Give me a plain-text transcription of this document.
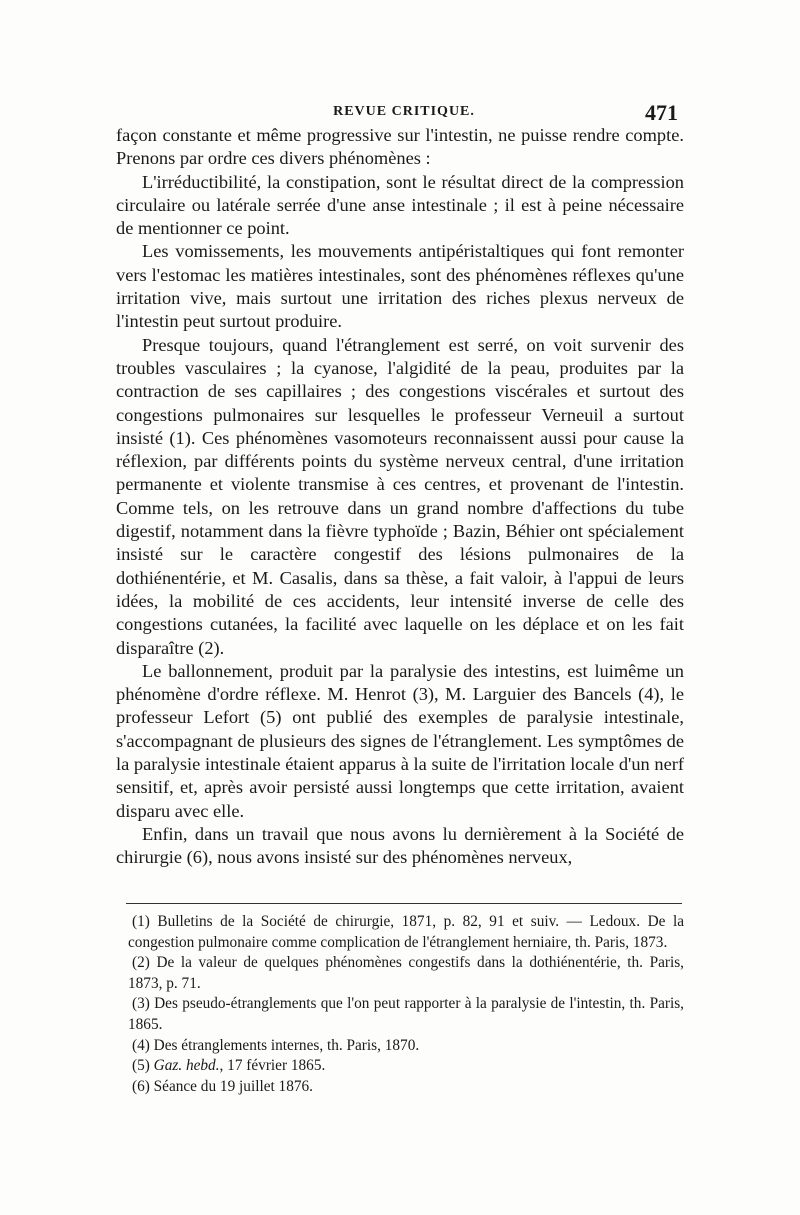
REVUE CRITIQUE.	471

façon constante et même progressive sur l'intestin, ne puisse rendre compte. Prenons par ordre ces divers phénomènes :

L'irréductibilité, la constipation, sont le résultat direct de la compression circulaire ou latérale serrée d'une anse intestinale ; il est à peine nécessaire de mentionner ce point.

Les vomissements, les mouvements antipéristaltiques qui font remonter vers l'estomac les matières intestinales, sont des phénomènes réflexes qu'une irritation vive, mais surtout une irritation des riches plexus nerveux de l'intestin peut surtout produire.

Presque toujours, quand l'étranglement est serré, on voit survenir des troubles vasculaires ; la cyanose, l'algidité de la peau, produites par la contraction de ses capillaires ; des congestions viscérales et surtout des congestions pulmonaires sur lesquelles le professeur Verneuil a surtout insisté (1). Ces phénomènes vasomoteurs reconnaissent aussi pour cause la réflexion, par différents points du système nerveux central, d'une irritation permanente et violente transmise à ces centres, et provenant de l'intestin. Comme tels, on les retrouve dans un grand nombre d'affections du tube digestif, notamment dans la fièvre typhoïde ; Bazin, Béhier ont spécialement insisté sur le caractère congestif des lésions pulmonaires de la dothiénentérie, et M. Casalis, dans sa thèse, a fait valoir, à l'appui de leurs idées, la mobilité de ces accidents, leur intensité inverse de celle des congestions cutanées, la facilité avec laquelle on les déplace et on les fait disparaître (2).

Le ballonnement, produit par la paralysie des intestins, est luimême un phénomène d'ordre réflexe. M. Henrot (3), M. Larguier des Bancels (4), le professeur Lefort (5) ont publié des exemples de paralysie intestinale, s'accompagnant de plusieurs des signes de l'étranglement. Les symptômes de la paralysie intestinale étaient apparus à la suite de l'irritation locale d'un nerf sensitif, et, après avoir persisté aussi longtemps que cette irritation, avaient disparu avec elle.

Enfin, dans un travail que nous avons lu dernièrement à la Société de chirurgie (6), nous avons insisté sur des phénomènes nerveux,

(1) Bulletins de la Société de chirurgie, 1871, p. 82, 91 et suiv. — Ledoux. De la congestion pulmonaire comme complication de l'étranglement herniaire, th. Paris, 1873.

(2) De la valeur de quelques phénomènes congestifs dans la dothiénentérie, th. Paris, 1873, p. 71.

(3) Des pseudo-étranglements que l'on peut rapporter à la paralysie de l'intestin, th. Paris, 1865.

(4) Des étranglements internes, th. Paris, 1870.

(5) Gaz. hebd., 17 février 1865.

(6) Séance du 19 juillet 1876.
